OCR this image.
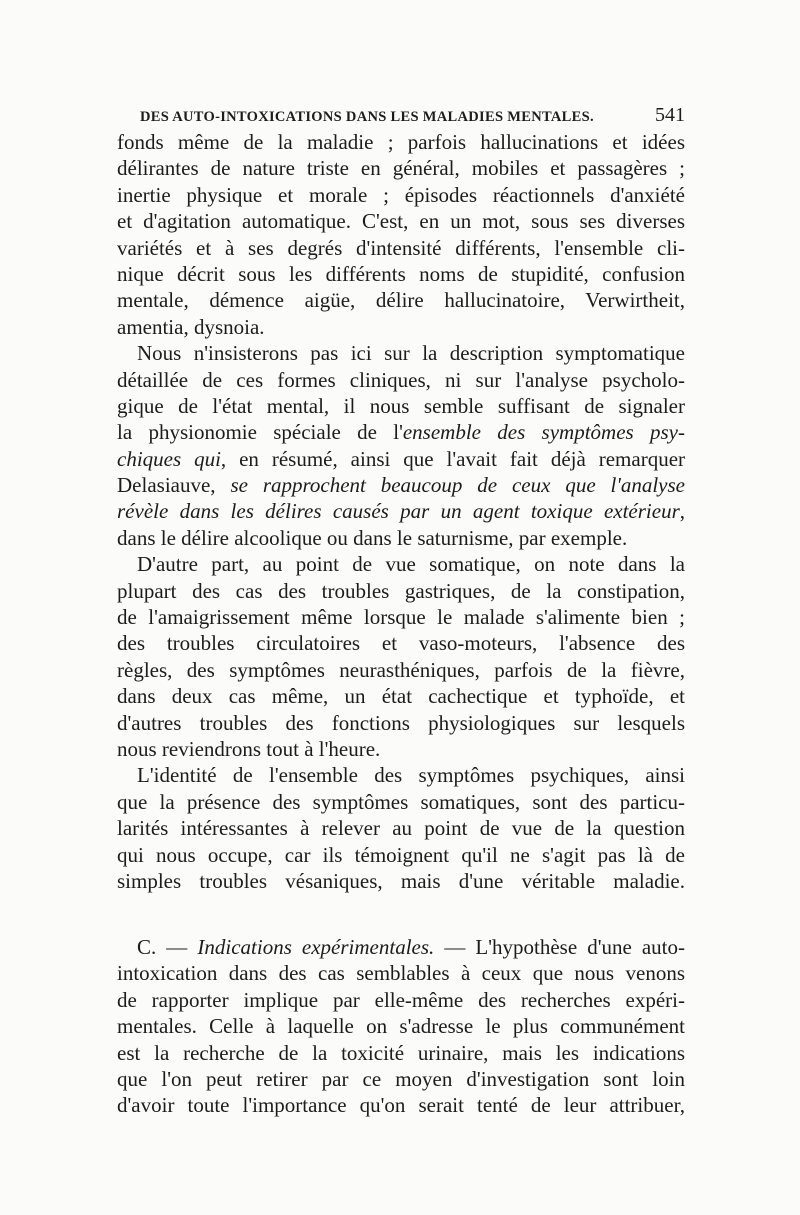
DES AUTO-INTOXICATIONS DANS LES MALADIES MENTALES.	541
fonds même de la maladie ; parfois hallucinations et idées
délirantes de nature triste en général, mobiles et passagères ;
inertie physique et morale ; épisodes réactionnels d'anxiété
et d'agitation automatique. C'est, en un mot, sous ses diverses
variétés et à ses degrés d'intensité différents, l'ensemble cli-
nique décrit sous les différents noms de stupidité, confusion
mentale, démence aigüe, délire hallucinatoire, Verwirtheit,
amentia, dysnoia.
Nous n'insisterons pas ici sur la description symptomatique
détaillée de ces formes cliniques, ni sur l'analyse psycholo-
gique de l'état mental, il nous semble suffisant de signaler
la physionomie spéciale de l'ensemble des symptômes psy-
chiques qui, en résumé, ainsi que l'avait fait déjà remarquer
Delasiauve, se rapprochent beaucoup de ceux que l'analyse
révèle dans les délires causés par un agent toxique extérieur,
dans le délire alcoolique ou dans le saturnisme, par exemple.
D'autre part, au point de vue somatique, on note dans la
plupart des cas des troubles gastriques, de la constipation,
de l'amaigrissement même lorsque le malade s'alimente bien ;
des troubles circulatoires et vaso-moteurs, l'absence des
règles, des symptômes neurasthéniques, parfois de la fièvre,
dans deux cas même, un état cachectique et typhoïde, et
d'autres troubles des fonctions physiologiques sur lesquels
nous reviendrons tout à l'heure.
L'identité de l'ensemble des symptômes psychiques, ainsi
que la présence des symptômes somatiques, sont des particu-
larités intéressantes à relever au point de vue de la question
qui nous occupe, car ils témoignent qu'il ne s'agit pas là de
simples troubles vésaniques, mais d'une véritable maladie.
C. — Indications expérimentales. — L'hypothèse d'une auto-
intoxication dans des cas semblables à ceux que nous venons
de rapporter implique par elle-même des recherches expéri-
mentales. Celle à laquelle on s'adresse le plus communément
est la recherche de la toxicité urinaire, mais les indications
que l'on peut retirer par ce moyen d'investigation sont loin
d'avoir toute l'importance qu'on serait tenté de leur attribuer,
